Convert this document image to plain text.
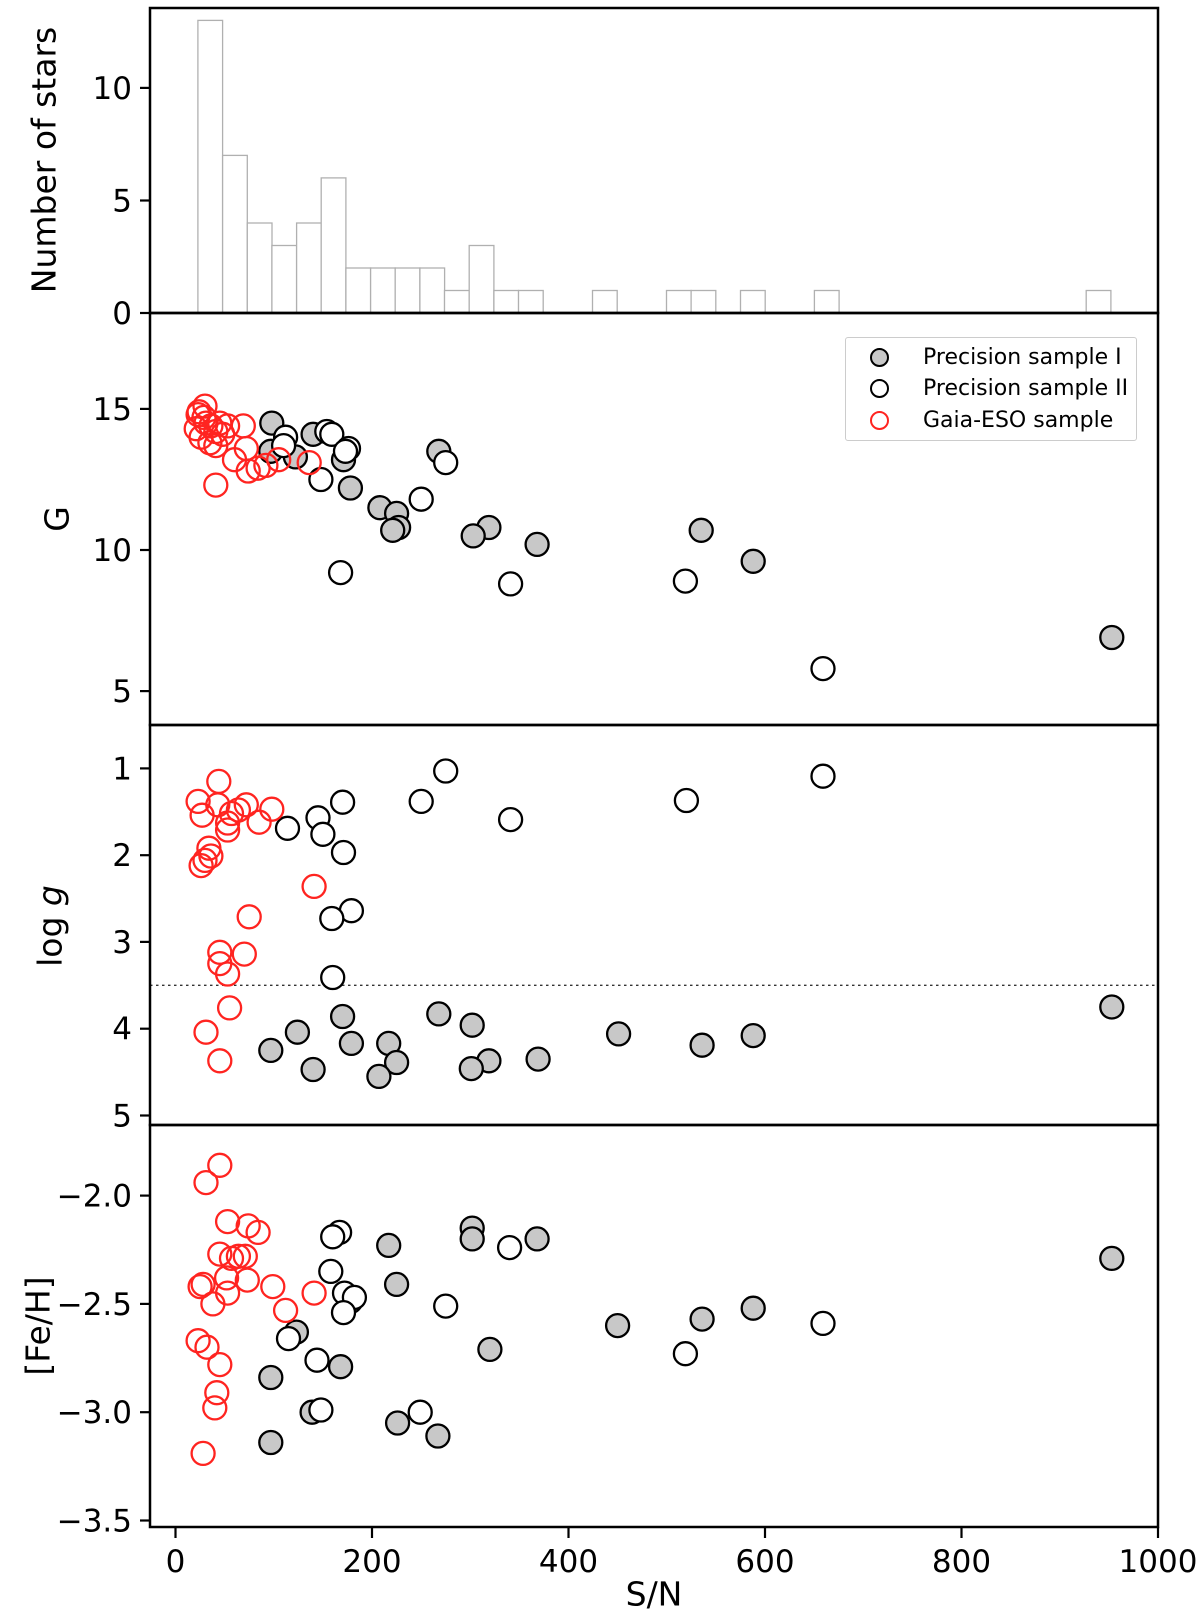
0
5
10
5
10
15
1
2
3
4
5
−2.0
−2.5
−3.0
−3.5
0	200	400	600	800	1000
Number of stars
G
log g
[Fe/H]
S/N
Precision sample I
Precision sample II
Gaia-ESO sample
